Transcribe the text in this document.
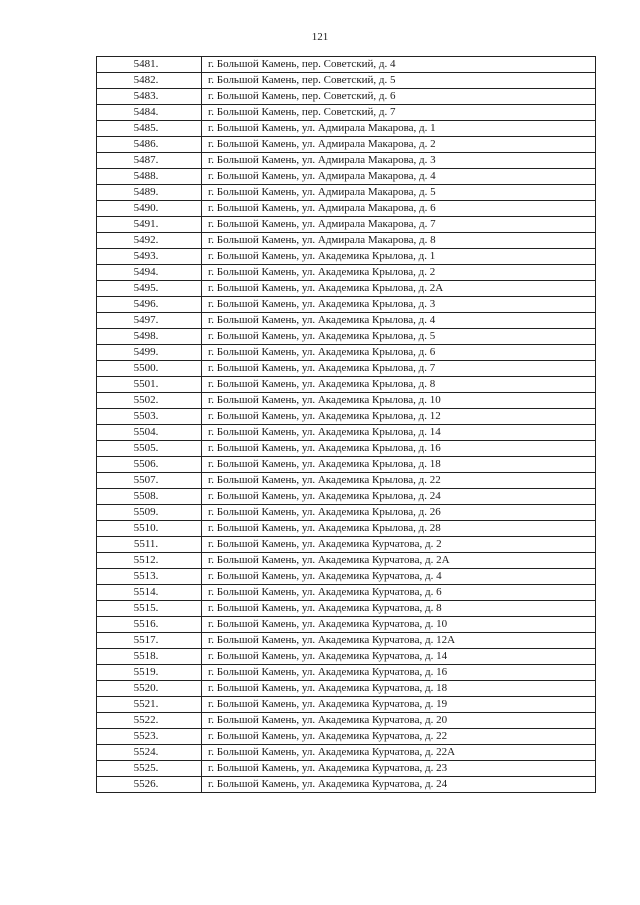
121
5481.	г. Большой Камень, пер. Советский, д. 4
5482.	г. Большой Камень, пер. Советский, д. 5
5483.	г. Большой Камень, пер. Советский, д. 6
5484.	г. Большой Камень, пер. Советский, д. 7
5485.	г. Большой Камень, ул. Адмирала Макарова, д. 1
5486.	г. Большой Камень, ул. Адмирала Макарова, д. 2
5487.	г. Большой Камень, ул. Адмирала Макарова, д. 3
5488.	г. Большой Камень, ул. Адмирала Макарова, д. 4
5489.	г. Большой Камень, ул. Адмирала Макарова, д. 5
5490.	г. Большой Камень, ул. Адмирала Макарова, д. 6
5491.	г. Большой Камень, ул. Адмирала Макарова, д. 7
5492.	г. Большой Камень, ул. Адмирала Макарова, д. 8
5493.	г. Большой Камень, ул. Академика Крылова, д. 1
5494.	г. Большой Камень, ул. Академика Крылова, д. 2
5495.	г. Большой Камень, ул. Академика Крылова, д. 2А
5496.	г. Большой Камень, ул. Академика Крылова, д. 3
5497.	г. Большой Камень, ул. Академика Крылова, д. 4
5498.	г. Большой Камень, ул. Академика Крылова, д. 5
5499.	г. Большой Камень, ул. Академика Крылова, д. 6
5500.	г. Большой Камень, ул. Академика Крылова, д. 7
5501.	г. Большой Камень, ул. Академика Крылова, д. 8
5502.	г. Большой Камень, ул. Академика Крылова, д. 10
5503.	г. Большой Камень, ул. Академика Крылова, д. 12
5504.	г. Большой Камень, ул. Академика Крылова, д. 14
5505.	г. Большой Камень, ул. Академика Крылова, д. 16
5506.	г. Большой Камень, ул. Академика Крылова, д. 18
5507.	г. Большой Камень, ул. Академика Крылова, д. 22
5508.	г. Большой Камень, ул. Академика Крылова, д. 24
5509.	г. Большой Камень, ул. Академика Крылова, д. 26
5510.	г. Большой Камень, ул. Академика Крылова, д. 28
5511.	г. Большой Камень, ул. Академика Курчатова, д. 2
5512.	г. Большой Камень, ул. Академика Курчатова, д. 2А
5513.	г. Большой Камень, ул. Академика Курчатова, д. 4
5514.	г. Большой Камень, ул. Академика Курчатова, д. 6
5515.	г. Большой Камень, ул. Академика Курчатова, д. 8
5516.	г. Большой Камень, ул. Академика Курчатова, д. 10
5517.	г. Большой Камень, ул. Академика Курчатова, д. 12А
5518.	г. Большой Камень, ул. Академика Курчатова, д. 14
5519.	г. Большой Камень, ул. Академика Курчатова, д. 16
5520.	г. Большой Камень, ул. Академика Курчатова, д. 18
5521.	г. Большой Камень, ул. Академика Курчатова, д. 19
5522.	г. Большой Камень, ул. Академика Курчатова, д. 20
5523.	г. Большой Камень, ул. Академика Курчатова, д. 22
5524.	г. Большой Камень, ул. Академика Курчатова, д. 22А
5525.	г. Большой Камень, ул. Академика Курчатова, д. 23
5526.	г. Большой Камень, ул. Академика Курчатова, д. 24
